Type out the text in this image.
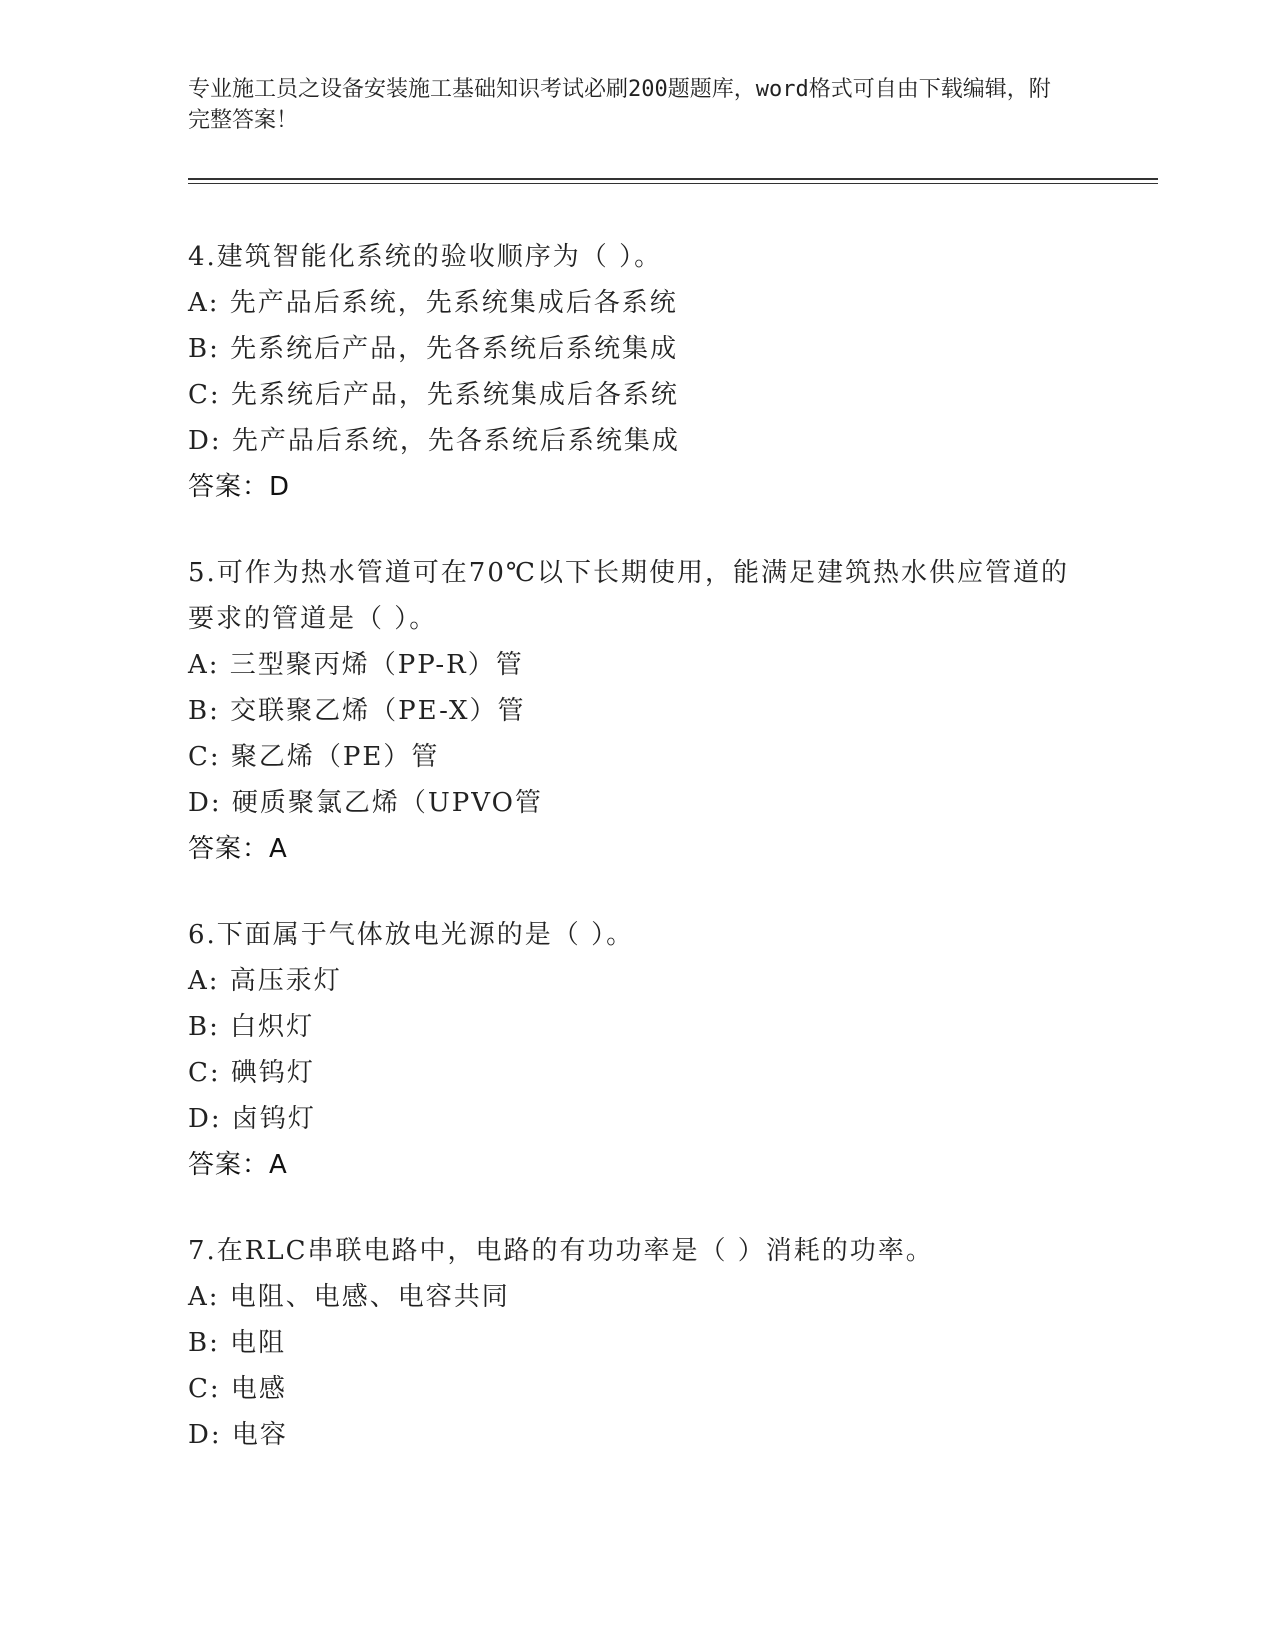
专业施工员之设备安装施工基础知识考试必刷200题题库，word格式可自由下载编辑，附完整答案！
4.建筑智能化系统的验收顺序为（ ）。
A: 先产品后系统，先系统集成后各系统
B: 先系统后产品，先各系统后系统集成
C: 先系统后产品，先系统集成后各系统
D: 先产品后系统，先各系统后系统集成
答案：D
5.可作为热水管道可在70℃以下长期使用，能满足建筑热水供应管道的要求的管道是（ ）。
A: 三型聚丙烯（PP-R）管
B: 交联聚乙烯（PE-X）管
C: 聚乙烯（PE）管
D: 硬质聚氯乙烯（UPVO管
答案：A
6.下面属于气体放电光源的是（ ）。
A: 高压汞灯
B: 白炽灯
C: 碘钨灯
D: 卤钨灯
答案：A
7.在RLC串联电路中，电路的有功功率是（ ）消耗的功率。
A: 电阻、电感、电容共同
B: 电阻
C: 电感
D: 电容
